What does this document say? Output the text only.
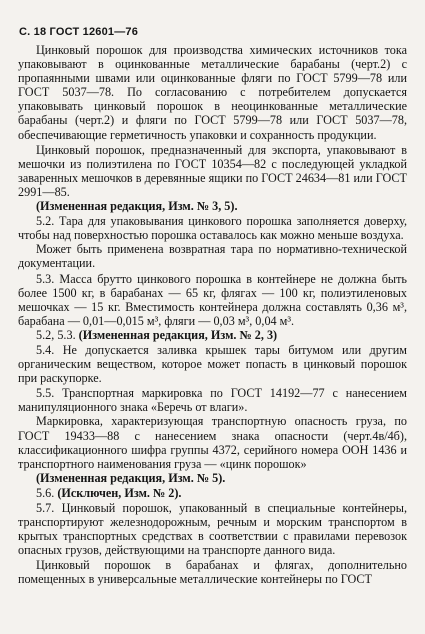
С. 18 ГОСТ 12601—76

Цинковый порошок для производства химических источников тока упаковывают в оцинкованные металлические барабаны (черт.2) с пропаянными швами или оцинкованные фляги по ГОСТ 5799—78 или ГОСТ 5037—78. По согласованию с потребителем допускается упаковывать цинковый порошок в неоцинкованные металлические барабаны (черт.2) и фляги по ГОСТ 5799—78 или ГОСТ 5037—78, обеспечивающие герметичность упаковки и сохранность продукции.

Цинковый порошок, предназначенный для экспорта, упаковывают в мешочки из полиэтилена по ГОСТ 10354—82 с последующей укладкой заваренных мешочков в деревянные ящики по ГОСТ 24634—81 или ГОСТ 2991—85.

(Измененная редакция, Изм. № 3, 5).

5.2. Тара для упаковывания цинкового порошка заполняется доверху, чтобы над поверхностью порошка оставалось как можно меньше воздуха.

Может быть применена возвратная тара по нормативно-технической документации.

5.3. Масса брутто цинкового порошка в контейнере не должна быть более 1500 кг, в барабанах — 65 кг, флягах — 100 кг, полиэтиленовых мешочках — 15 кг. Вместимость контейнера должна составлять 0,36 м³, барабана — 0,01—0,015 м³, фляги — 0,03 м³, 0,04 м³.

5.2, 5.3. (Измененная редакция, Изм. № 2, 3)

5.4. Не допускается заливка крышек тары битумом или другим органическим веществом, которое может попасть в цинковый порошок при раскупорке.

5.5. Транспортная маркировка по ГОСТ 14192—77 с нанесением манипуляционного знака «Беречь от влаги».

Маркировка, характеризующая транспортную опасность груза, по ГОСТ 19433—88 с нанесением знака опасности (черт.4в/4б), классификационного шифра группы 4372, серийного номера ООН 1436 и транспортного наименования груза — «цинк порошок»

(Измененная редакция, Изм. № 5).

5.6. (Исключен, Изм. № 2).

5.7. Цинковый порошок, упакованный в специальные контейнеры, транспортируют железнодорожным, речным и морским транспортом в крытых транспортных средствах в соответствии с правилами перевозок опасных грузов, действующими на транспорте данного вида.

Цинковый порошок в барабанах и флягах, дополнительно помещенных в универсальные металлические контейнеры по ГОСТ
